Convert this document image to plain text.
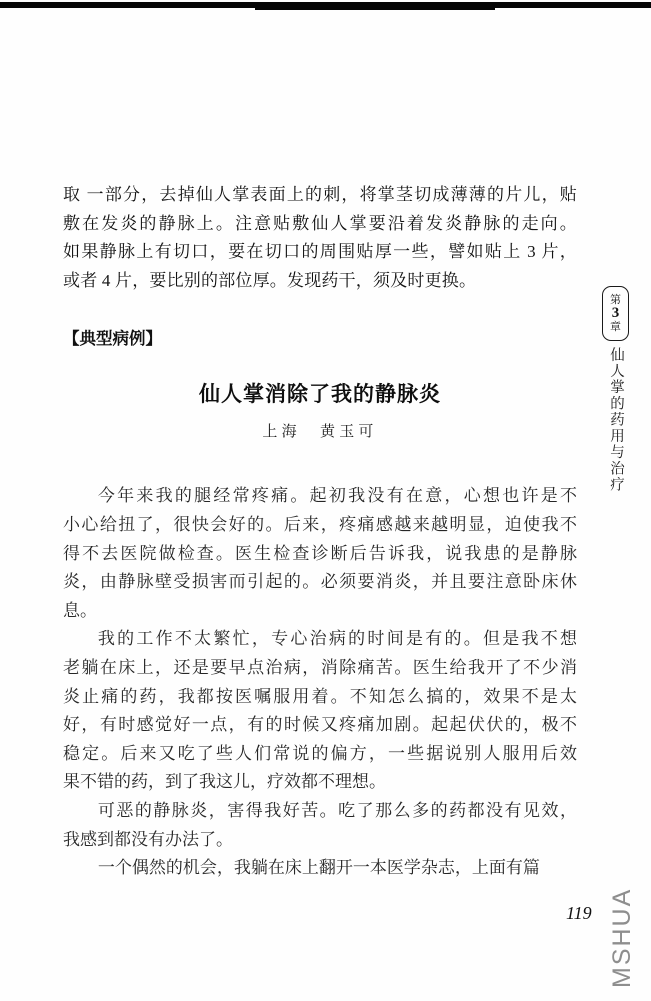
取 一部分，去掉仙人掌表面上的刺，将掌茎切成薄薄的片儿，贴
敷在发炎的静脉上。注意贴敷仙人掌要沿着发炎静脉的走向。
如果静脉上有切口，要在切口的周围贴厚一些，譬如贴上 3 片，
或者 4 片，要比别的部位厚。发现药干，须及时更换。
【典型病例】
仙人掌消除了我的静脉炎
上海　黄玉可
今年来我的腿经常疼痛。起初我没有在意，心想也许是不
小心给扭了，很快会好的。后来，疼痛感越来越明显，迫使我不
得不去医院做检查。医生检查诊断后告诉我，说我患的是静脉
炎，由静脉壁受损害而引起的。必须要消炎，并且要注意卧床休
息。
我的工作不太繁忙，专心治病的时间是有的。但是我不想
老躺在床上，还是要早点治病，消除痛苦。医生给我开了不少消
炎止痛的药，我都按医嘱服用着。不知怎么搞的，效果不是太
好，有时感觉好一点，有的时候又疼痛加剧。起起伏伏的，极不
稳定。后来又吃了些人们常说的偏方，一些据说别人服用后效
果不错的药，到了我这儿，疗效都不理想。
可恶的静脉炎，害得我好苦。吃了那么多的药都没有见效，
我感到都没有办法了。
一个偶然的机会，我躺在床上翻开一本医学杂志，上面有篇
第
3
章
仙人掌的药用与治疗
119 MSHUA
